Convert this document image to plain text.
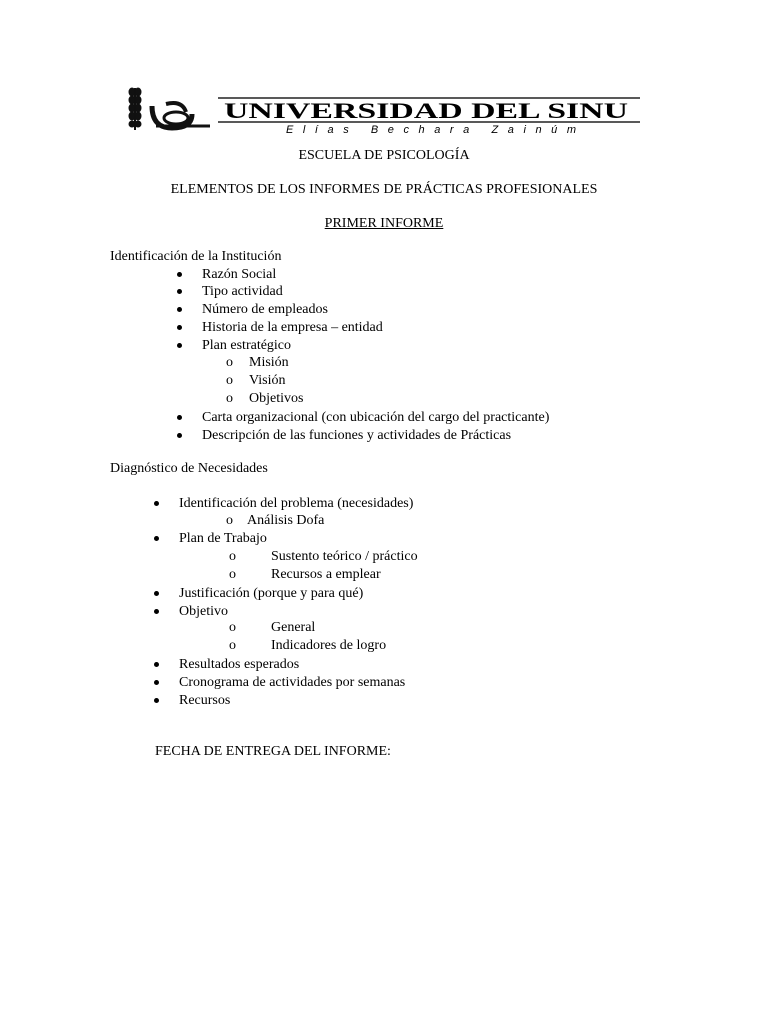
UNIVERSIDAD DEL SINU
Elías Bechara Zainúm
ESCUELA DE PSICOLOGÍA
ELEMENTOS DE LOS INFORMES DE PRÁCTICAS PROFESIONALES
PRIMER INFORME
Identificación de la Institución
Razón Social
Tipo actividad
Número de empleados
Historia de la empresa – entidad
Plan estratégico
o Misión
o Visión
o Objetivos
Carta organizacional (con ubicación del cargo del practicante)
Descripción de las funciones y actividades de Prácticas
Diagnóstico de Necesidades
Identificación del problema (necesidades)
o Análisis Dofa
Plan de Trabajo
o	Sustento teórico / práctico
o	Recursos a emplear
Justificación (porque y para qué)
Objetivo
o	General
o	Indicadores de logro
Resultados esperados
Cronograma de actividades por semanas
Recursos
FECHA DE ENTREGA DEL INFORME:
